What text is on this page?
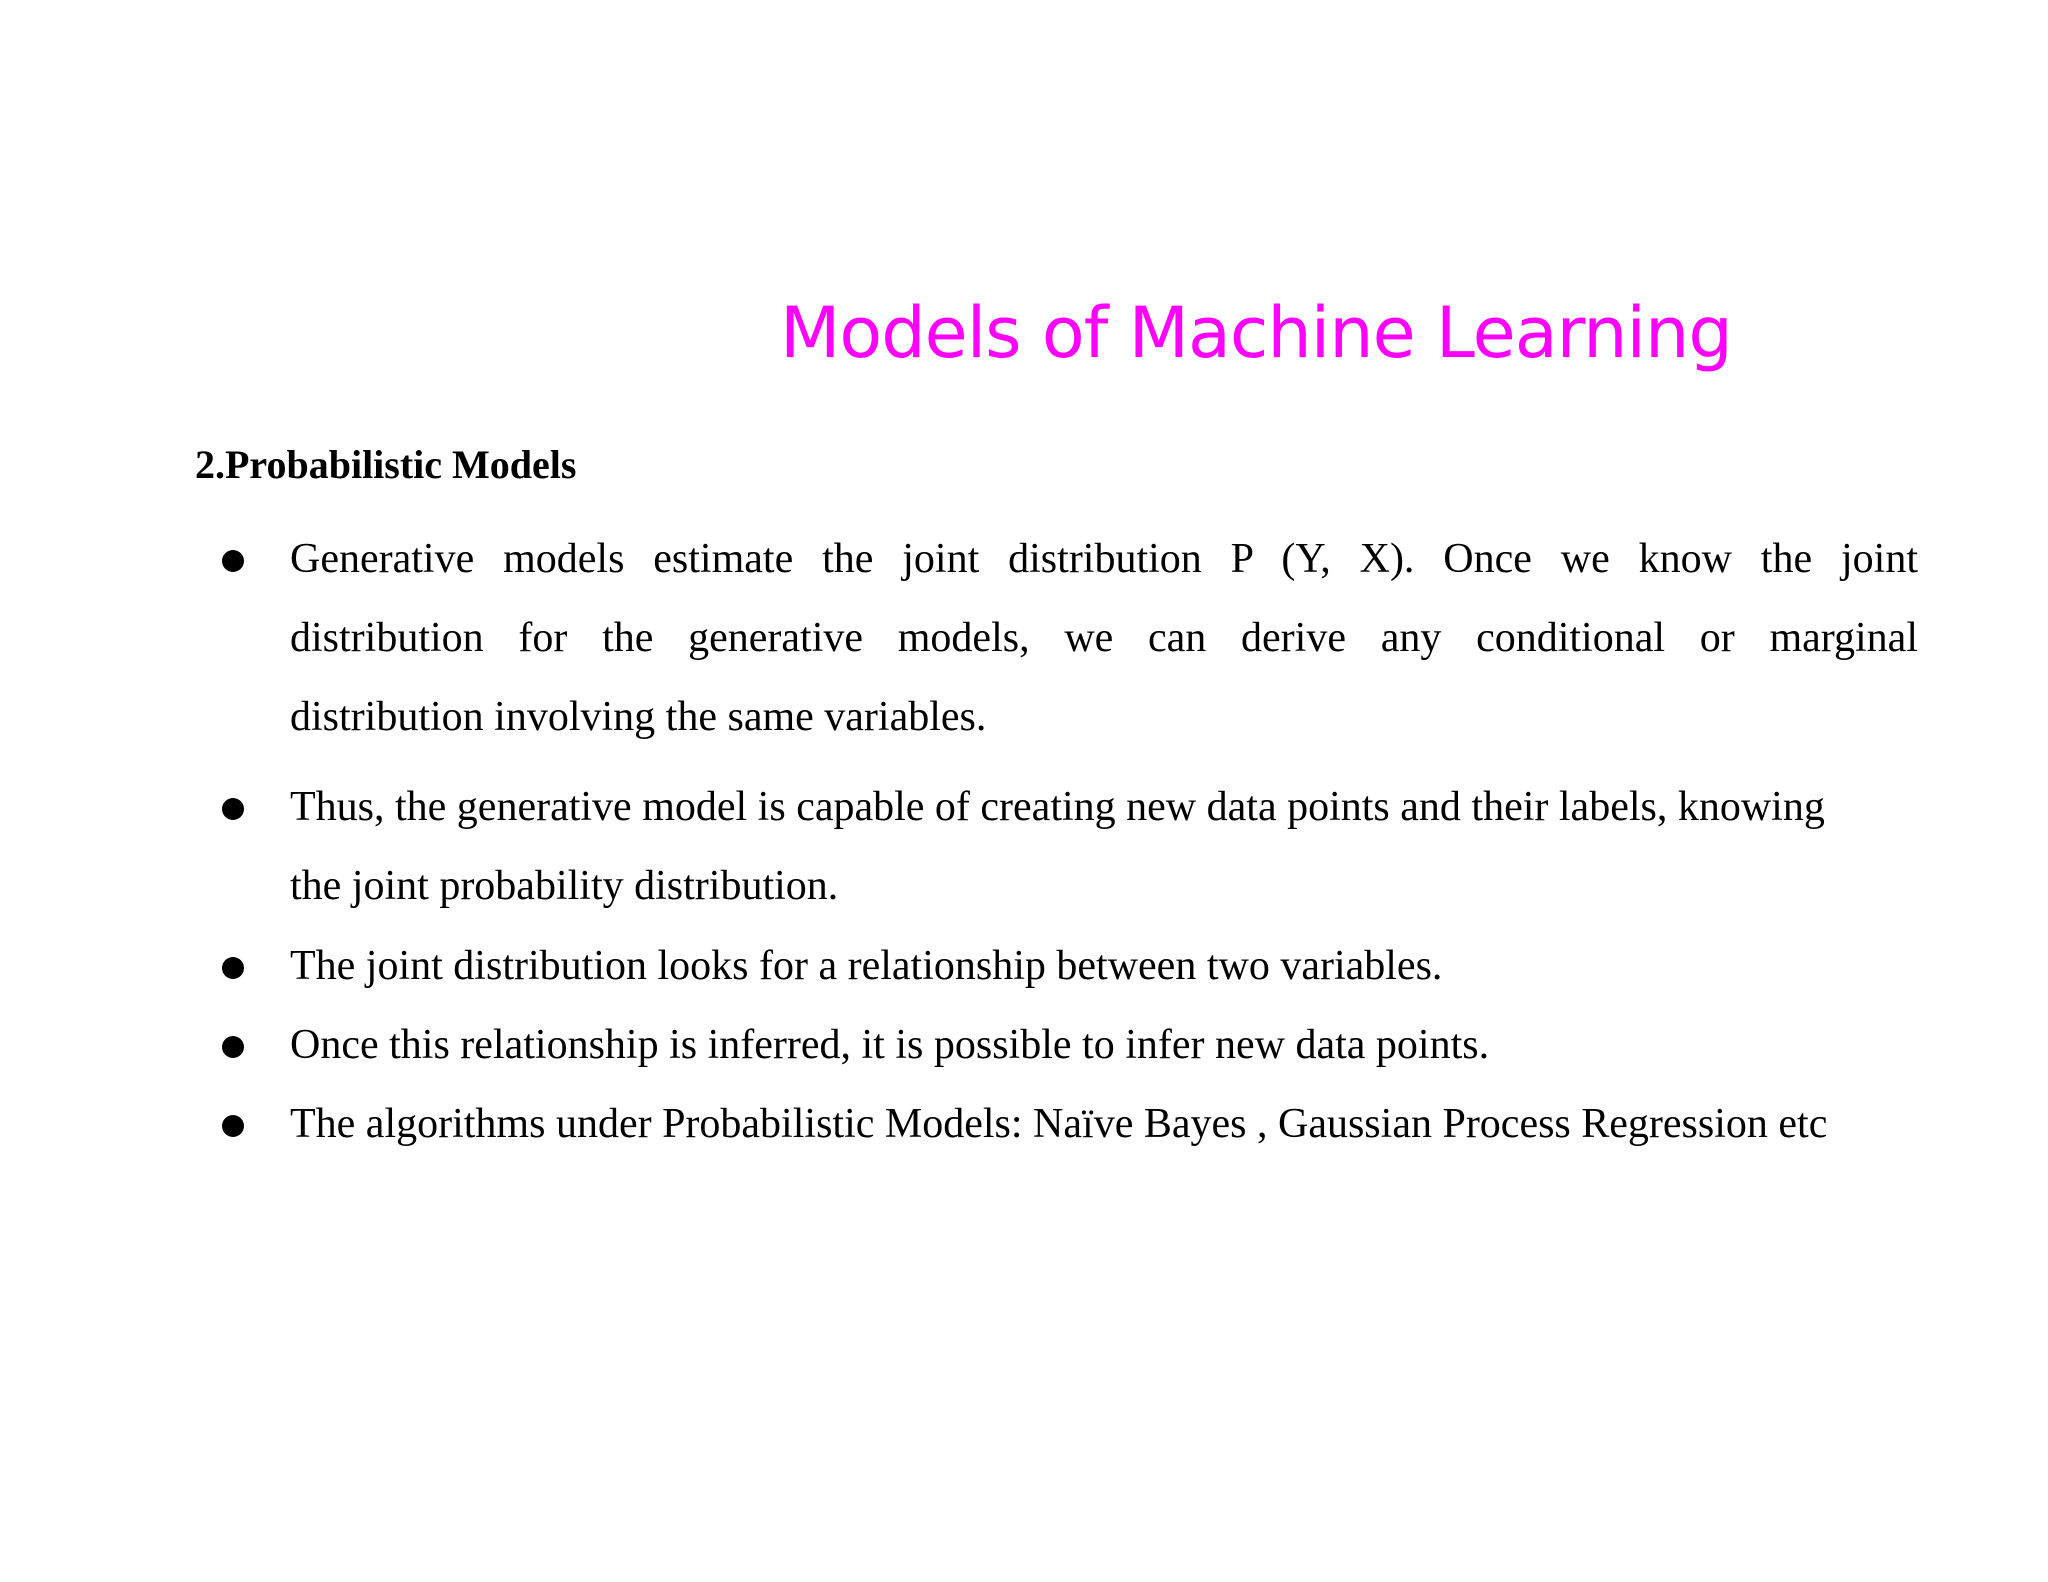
Models of Machine Learning
2.Probabilistic Models
Generative models estimate the joint distribution P (Y, X). Once we know the joint
distribution for the generative models, we can derive any conditional or marginal
distribution involving the same variables.
Thus, the generative model is capable of creating new data points and their labels, knowing
the joint probability distribution.
The joint distribution looks for a relationship between two variables.
Once this relationship is inferred, it is possible to infer new data points.
The algorithms under Probabilistic Models: Naïve Bayes , Gaussian Process Regression etc
